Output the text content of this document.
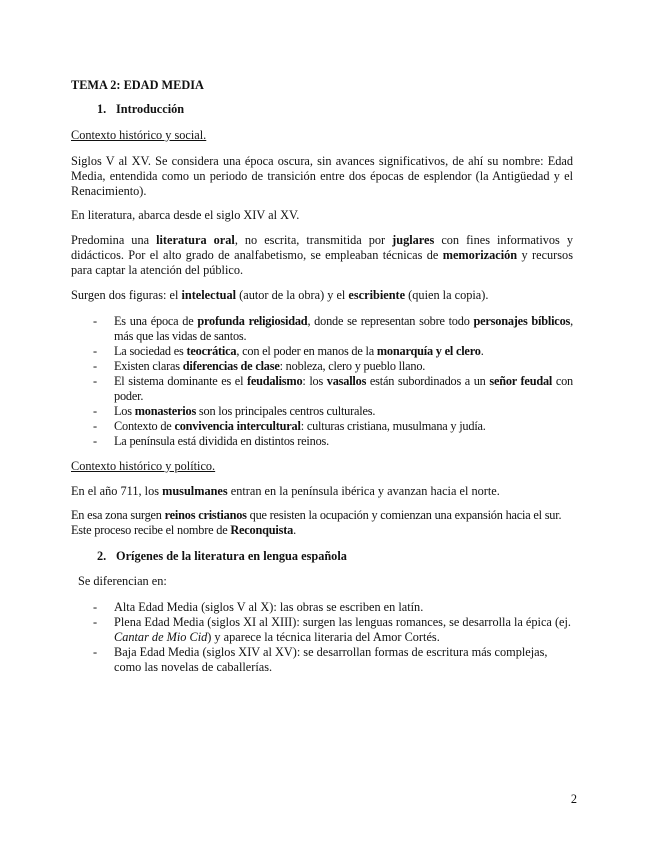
TEMA 2: EDAD MEDIA

1. Introducción

Contexto histórico y social.

Siglos V al XV. Se considera una época oscura, sin avances significativos, de ahí su nombre: Edad Media, entendida como un periodo de transición entre dos épocas de esplendor (la Antigüedad y el Renacimiento).

En literatura, abarca desde el siglo XIV al XV.

Predomina una literatura oral, no escrita, transmitida por juglares con fines informativos y didácticos. Por el alto grado de analfabetismo, se empleaban técnicas de memorización y recursos para captar la atención del público.

Surgen dos figuras: el intelectual (autor de la obra) y el escribiente (quien la copia).

- Es una época de profunda religiosidad, donde se representan sobre todo personajes bíblicos, más que las vidas de santos.
- La sociedad es teocrática, con el poder en manos de la monarquía y el clero.
- Existen claras diferencias de clase: nobleza, clero y pueblo llano.
- El sistema dominante es el feudalismo: los vasallos están subordinados a un señor feudal con poder.
- Los monasterios son los principales centros culturales.
- Contexto de convivencia intercultural: culturas cristiana, musulmana y judía.
- La península está dividida en distintos reinos.

Contexto histórico y político.

En el año 711, los musulmanes entran en la península ibérica y avanzan hacia el norte.

En esa zona surgen reinos cristianos que resisten la ocupación y comienzan una expansión hacia el sur. Este proceso recibe el nombre de Reconquista.

2. Orígenes de la literatura en lengua española

Se diferencian en:

- Alta Edad Media (siglos V al X): las obras se escriben en latín.
- Plena Edad Media (siglos XI al XIII): surgen las lenguas romances, se desarrolla la épica (ej. Cantar de Mio Cid) y aparece la técnica literaria del Amor Cortés.
- Baja Edad Media (siglos XIV al XV): se desarrollan formas de escritura más complejas, como las novelas de caballerías.

2
